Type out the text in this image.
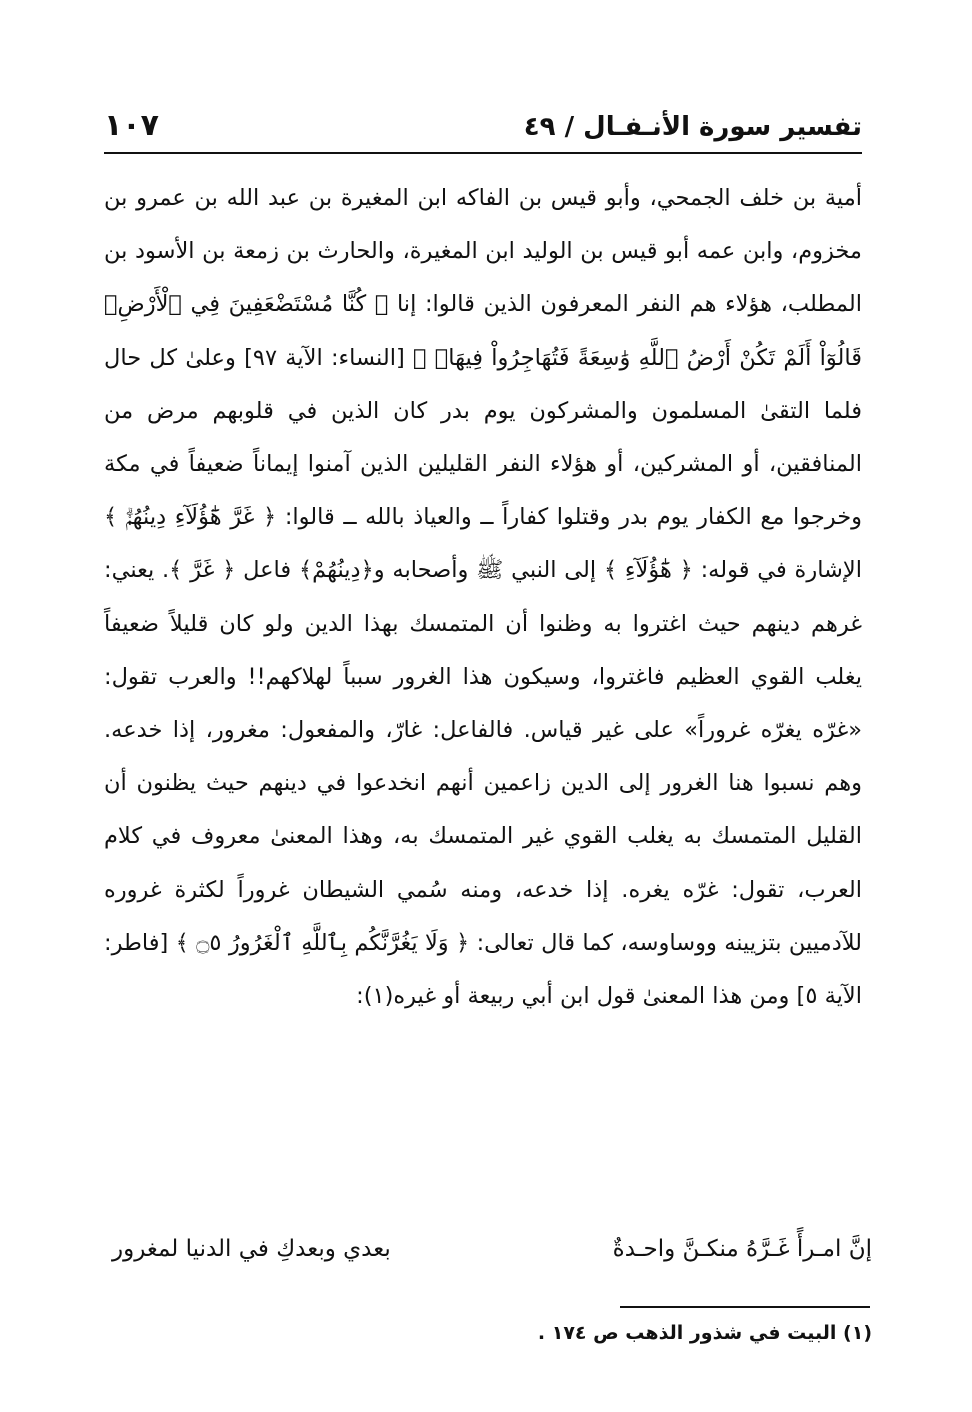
تفسير سورة الأنـفـال / ٤٩
١٠٧

أمية بن خلف الجمحي، وأبو قيس بن الفاكه ابن المغيرة بن عبد الله بن عمرو بن مخزوم، وابن عمه أبو قيس بن الوليد ابن المغيرة، والحارث بن زمعة بن الأسود بن المطلب، هؤلاء هم النفر المعرفون الذين قالوا: إنا ﴿ كُنَّا مُسْتَضْعَفِينَ فِي ٱلْأَرْضِۚ قَالُوٓاْ أَلَمْ تَكُنْ أَرْضُ ٱللَّهِ وَٰسِعَةً فَتُهَاجِرُواْ فِيهَاۚ ﴾ [النساء: الآية ٩٧] وعلىٰ كل حال فلما التقىٰ المسلمون والمشركون يوم بدر كان الذين في قلوبهم مرض من المنافقين، أو المشركين، أو هؤلاء النفر القليلين الذين آمنوا إيماناً ضعيفاً في مكة وخرجوا مع الكفار يوم بدر وقتلوا كفاراً ــ والعياذ بالله ــ قالوا: ﴿ غَرَّ هَٰٓؤُلَآءِ دِينُهُمْۗ ﴾ الإشارة في قوله: ﴿ هَٰٓؤُلَآءِ ﴾ إلى النبي ﷺ وأصحابه و﴿دِينُهُمْ﴾ فاعل ﴿ غَرَّ ﴾. يعني: غرهم دينهم حيث اغتروا به وظنوا أن المتمسك بهذا الدين ولو كان قليلاً ضعيفاً يغلب القوي العظيم فاغتروا، وسيكون هذا الغرور سبباً لهلاكهم!! والعرب تقول: «غرّه يغرّه غروراً» على غير قياس. فالفاعل: غارّ، والمفعول: مغرور، إذا خدعه. وهم نسبوا هنا الغرور إلى الدين زاعمين أنهم انخدعوا في دينهم حيث يظنون أن القليل المتمسك به يغلب القوي غير المتمسك به، وهذا المعنىٰ معروف في كلام العرب، تقول: غرّه يغره. إذا خدعه، ومنه سُمي الشيطان غروراً لكثرة غروره للآدميين بتزيينه ووساوسه، كما قال تعالى: ﴿ وَلَا يَغُرَّنَّكُم بِٱللَّهِ ٱلْغَرُورُ ۝٥ ﴾ [فاطر: الآية ٥] ومن هذا المعنىٰ قول ابن أبي ربيعة أو غيره(١):

إنَّ امـرأً غَـرَّهُ منكـنَّ واحـدةٌ
بعدي وبعدكِ في الدنيا لمغرور
(١) البيت في شذور الذهب ص ١٧٤ .
